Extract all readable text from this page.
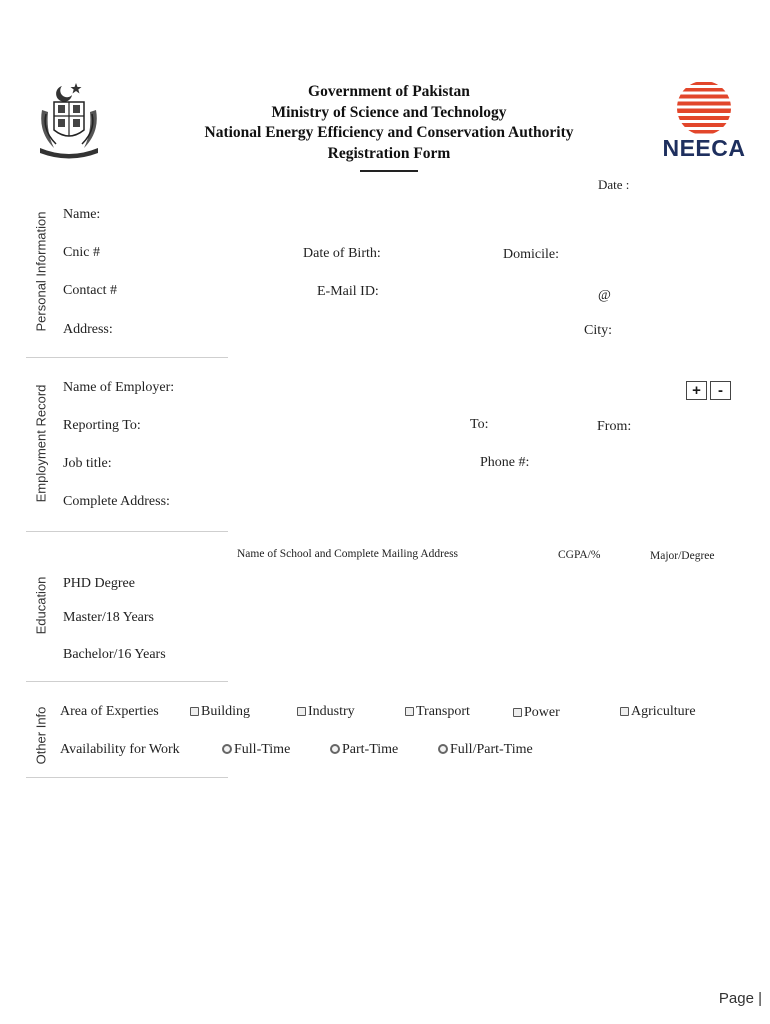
Government of Pakistan
Ministry of Science and Technology
National Energy Efficiency and Conservation Authority
Registration Form	NEECA
Date :
Personal Information
Employment Record
Education
Other Info
Name:
Cnic #	Date of Birth:	Domicile:
Contact #	E-Mail ID:	@
Address:	City:
Name of Employer:	+	-
Reporting To:	To:	From:
Job title:	Phone #:
Complete Address:
Name of School and Complete Mailing Address	CGPA/%	Major/Degree
PHD Degree
Master/18 Years
Bachelor/16 Years
Area of Experties	Building	Industry	Transport	Power	Agriculture
Availability for Work	Full-Time	Part-Time	Full/Part-Time
Page |
